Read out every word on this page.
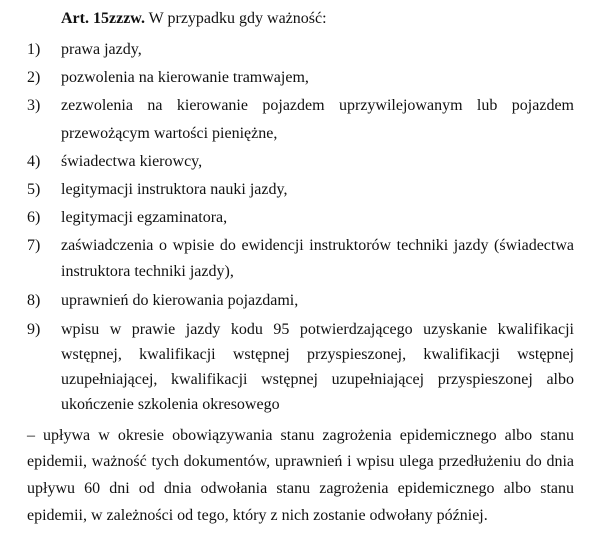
Art. 15zzzw. W przypadku gdy ważność:
1) prawa jazdy,
2) pozwolenia na kierowanie tramwajem,
3) zezwolenia na kierowanie pojazdem uprzywilejowanym lub pojazdem
przewożącym wartości pieniężne,
4) świadectwa kierowcy,
5) legitymacji instruktora nauki jazdy,
6) legitymacji egzaminatora,
7) zaświadczenia o wpisie do ewidencji instruktorów techniki jazdy (świadectwa
instruktora techniki jazdy),
8) uprawnień do kierowania pojazdami,
9) wpisu w prawie jazdy kodu 95 potwierdzającego uzyskanie kwalifikacji
wstępnej, kwalifikacji wstępnej przyspieszonej, kwalifikacji wstępnej
uzupełniającej, kwalifikacji wstępnej uzupełniającej przyspieszonej albo
ukończenie szkolenia okresowego
– upływa w okresie obowiązywania stanu zagrożenia epidemicznego albo stanu
epidemii, ważność tych dokumentów, uprawnień i wpisu ulega przedłużeniu do dnia
upływu 60 dni od dnia odwołania stanu zagrożenia epidemicznego albo stanu
epidemii, w zależności od tego, który z nich zostanie odwołany później.
